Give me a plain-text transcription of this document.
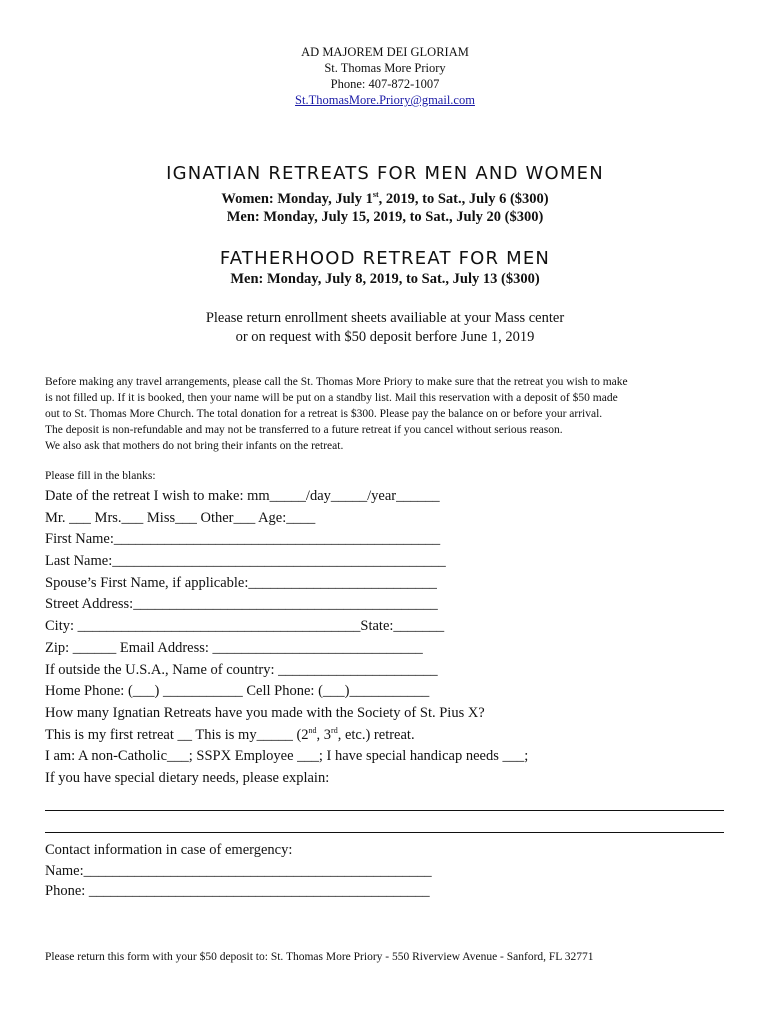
AD MAJOREM DEI GLORIAM
St. Thomas More Priory
Phone: 407-872-1007
St.ThomasMore.Priory@gmail.com
IGNATIAN RETREATS FOR MEN AND WOMEN
Women: Monday, July 1st, 2019, to Sat., July 6 ($300)
Men: Monday, July 15, 2019, to Sat., July 20 ($300)
FATHERHOOD RETREAT FOR MEN
Men: Monday, July 8, 2019, to Sat., July 13 ($300)
Please return enrollment sheets availiable at your Mass center
or on request with $50 deposit berfore June 1, 2019
Before making any travel arrangements, please call the St. Thomas More Priory to make sure that the retreat you wish to make
is not filled up. If it is booked, then your name will be put on a standby list. Mail this reservation with a deposit of $50 made
out to St. Thomas More Church. The total donation for a retreat is $300. Please pay the balance on or before your arrival.
The deposit is non-refundable and may not be transferred to a future retreat if you cancel without serious reason.
We also ask that mothers do not bring their infants on the retreat.
Please fill in the blanks:
Date of the retreat I wish to make: mm_____/day_____/year______
Mr. ___ Mrs.___ Miss___ Other___ Age:____
First Name:_____________________________________________
Last Name:______________________________________________
Spouse’s First Name, if applicable:__________________________
Street Address:__________________________________________
City: _______________________________________State:_______
Zip: ______ Email Address: _____________________________
If outside the U.S.A., Name of country: ______________________
Home Phone: (___) ___________ Cell Phone: (___)___________
How many Ignatian Retreats have you made with the Society of St. Pius X?
This is my first retreat __ This is my_____ (2nd, 3rd, etc.) retreat.
I am: A non-Catholic___; SSPX Employee ___; I have special handicap needs ___;
If you have special dietary needs, please explain:
Contact information in case of emergency:
Name:________________________________________________
Phone: _______________________________________________
Please return this form with your $50 deposit to: St. Thomas More Priory - 550 Riverview Avenue - Sanford, FL 32771
